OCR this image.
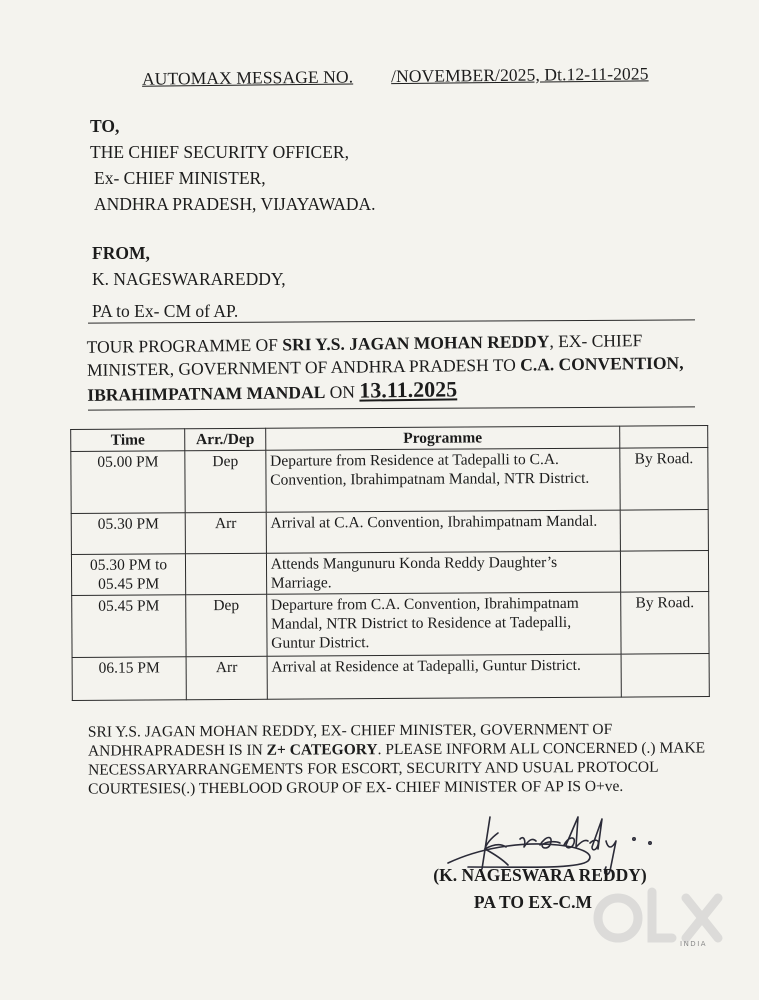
AUTOMAX MESSAGE NO. /NOVEMBER/2025, Dt.12-11-2025
TO,
THE CHIEF SECURITY OFFICER,
Ex- CHIEF MINISTER,
ANDHRA PRADESH, VIJAYAWADA.
FROM,
K. NAGESWARAREDDY,
PA to Ex- CM of AP.
TOUR PROGRAMME OF SRI Y.S. JAGAN MOHAN REDDY, EX- CHIEF MINISTER, GOVERNMENT OF ANDHRA PRADESH TO C.A. CONVENTION, IBRAHIMPATNAM MANDAL ON 13.11.2025
Time	Arr./Dep	Programme	
05.00 PM	Dep	Departure from Residence at Tadepalli to C.A. Convention, Ibrahimpatnam Mandal, NTR District.	By Road.
05.30 PM	Arr	Arrival at C.A. Convention, Ibrahimpatnam Mandal.	
05.30 PM to 05.45 PM		Attends Mangunuru Konda Reddy Daughter’s Marriage.	
05.45 PM	Dep	Departure from C.A. Convention, Ibrahimpatnam Mandal, NTR District to Residence at Tadepalli, Guntur District.	By Road.
06.15 PM	Arr	Arrival at Residence at Tadepalli, Guntur District.	
SRI Y.S. JAGAN MOHAN REDDY, EX- CHIEF MINISTER, GOVERNMENT OF ANDHRAPRADESH IS IN Z+ CATEGORY. PLEASE INFORM ALL CONCERNED (.) MAKE NECESSARYARRANGEMENTS FOR ESCORT, SECURITY AND USUAL PROTOCOL COURTESIES(.) THEBLOOD GROUP OF EX- CHIEF MINISTER OF AP IS O+ve.
(K. NAGESWARA REDDY)
PA TO EX-C.M
INDIA
